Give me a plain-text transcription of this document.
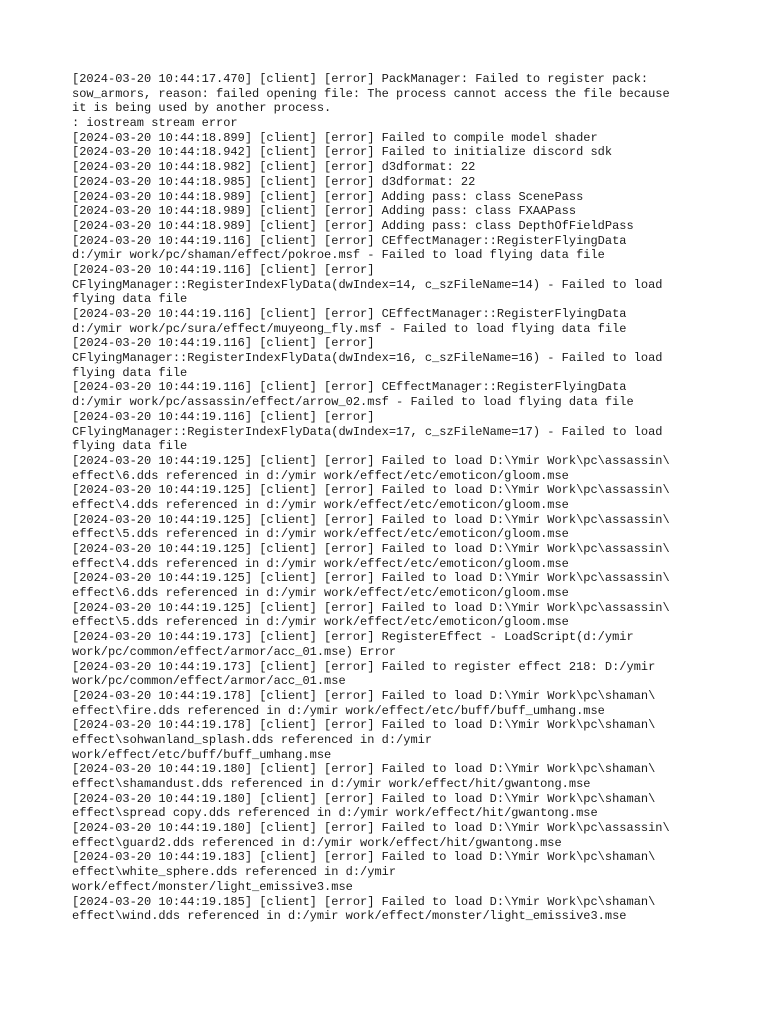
[2024-03-20 10:44:17.470] [client] [error] PackManager: Failed to register pack:
sow_armors, reason: failed opening file: The process cannot access the file because
it is being used by another process.
: iostream stream error
[2024-03-20 10:44:18.899] [client] [error] Failed to compile model shader
[2024-03-20 10:44:18.942] [client] [error] Failed to initialize discord sdk
[2024-03-20 10:44:18.982] [client] [error] d3dformat: 22
[2024-03-20 10:44:18.985] [client] [error] d3dformat: 22
[2024-03-20 10:44:18.989] [client] [error] Adding pass: class ScenePass
[2024-03-20 10:44:18.989] [client] [error] Adding pass: class FXAAPass
[2024-03-20 10:44:18.989] [client] [error] Adding pass: class DepthOfFieldPass
[2024-03-20 10:44:19.116] [client] [error] CEffectManager::RegisterFlyingData
d:/ymir work/pc/shaman/effect/pokroe.msf - Failed to load flying data file
[2024-03-20 10:44:19.116] [client] [error]
CFlyingManager::RegisterIndexFlyData(dwIndex=14, c_szFileName=14) - Failed to load
flying data file
[2024-03-20 10:44:19.116] [client] [error] CEffectManager::RegisterFlyingData
d:/ymir work/pc/sura/effect/muyeong_fly.msf - Failed to load flying data file
[2024-03-20 10:44:19.116] [client] [error]
CFlyingManager::RegisterIndexFlyData(dwIndex=16, c_szFileName=16) - Failed to load
flying data file
[2024-03-20 10:44:19.116] [client] [error] CEffectManager::RegisterFlyingData
d:/ymir work/pc/assassin/effect/arrow_02.msf - Failed to load flying data file
[2024-03-20 10:44:19.116] [client] [error]
CFlyingManager::RegisterIndexFlyData(dwIndex=17, c_szFileName=17) - Failed to load
flying data file
[2024-03-20 10:44:19.125] [client] [error] Failed to load D:\Ymir Work\pc\assassin\
effect\6.dds referenced in d:/ymir work/effect/etc/emoticon/gloom.mse
[2024-03-20 10:44:19.125] [client] [error] Failed to load D:\Ymir Work\pc\assassin\
effect\4.dds referenced in d:/ymir work/effect/etc/emoticon/gloom.mse
[2024-03-20 10:44:19.125] [client] [error] Failed to load D:\Ymir Work\pc\assassin\
effect\5.dds referenced in d:/ymir work/effect/etc/emoticon/gloom.mse
[2024-03-20 10:44:19.125] [client] [error] Failed to load D:\Ymir Work\pc\assassin\
effect\4.dds referenced in d:/ymir work/effect/etc/emoticon/gloom.mse
[2024-03-20 10:44:19.125] [client] [error] Failed to load D:\Ymir Work\pc\assassin\
effect\6.dds referenced in d:/ymir work/effect/etc/emoticon/gloom.mse
[2024-03-20 10:44:19.125] [client] [error] Failed to load D:\Ymir Work\pc\assassin\
effect\5.dds referenced in d:/ymir work/effect/etc/emoticon/gloom.mse
[2024-03-20 10:44:19.173] [client] [error] RegisterEffect - LoadScript(d:/ymir
work/pc/common/effect/armor/acc_01.mse) Error
[2024-03-20 10:44:19.173] [client] [error] Failed to register effect 218: D:/ymir
work/pc/common/effect/armor/acc_01.mse
[2024-03-20 10:44:19.178] [client] [error] Failed to load D:\Ymir Work\pc\shaman\
effect\fire.dds referenced in d:/ymir work/effect/etc/buff/buff_umhang.mse
[2024-03-20 10:44:19.178] [client] [error] Failed to load D:\Ymir Work\pc\shaman\
effect\sohwanland_splash.dds referenced in d:/ymir
work/effect/etc/buff/buff_umhang.mse
[2024-03-20 10:44:19.180] [client] [error] Failed to load D:\Ymir Work\pc\shaman\
effect\shamandust.dds referenced in d:/ymir work/effect/hit/gwantong.mse
[2024-03-20 10:44:19.180] [client] [error] Failed to load D:\Ymir Work\pc\shaman\
effect\spread copy.dds referenced in d:/ymir work/effect/hit/gwantong.mse
[2024-03-20 10:44:19.180] [client] [error] Failed to load D:\Ymir Work\pc\assassin\
effect\guard2.dds referenced in d:/ymir work/effect/hit/gwantong.mse
[2024-03-20 10:44:19.183] [client] [error] Failed to load D:\Ymir Work\pc\shaman\
effect\white_sphere.dds referenced in d:/ymir
work/effect/monster/light_emissive3.mse
[2024-03-20 10:44:19.185] [client] [error] Failed to load D:\Ymir Work\pc\shaman\
effect\wind.dds referenced in d:/ymir work/effect/monster/light_emissive3.mse
